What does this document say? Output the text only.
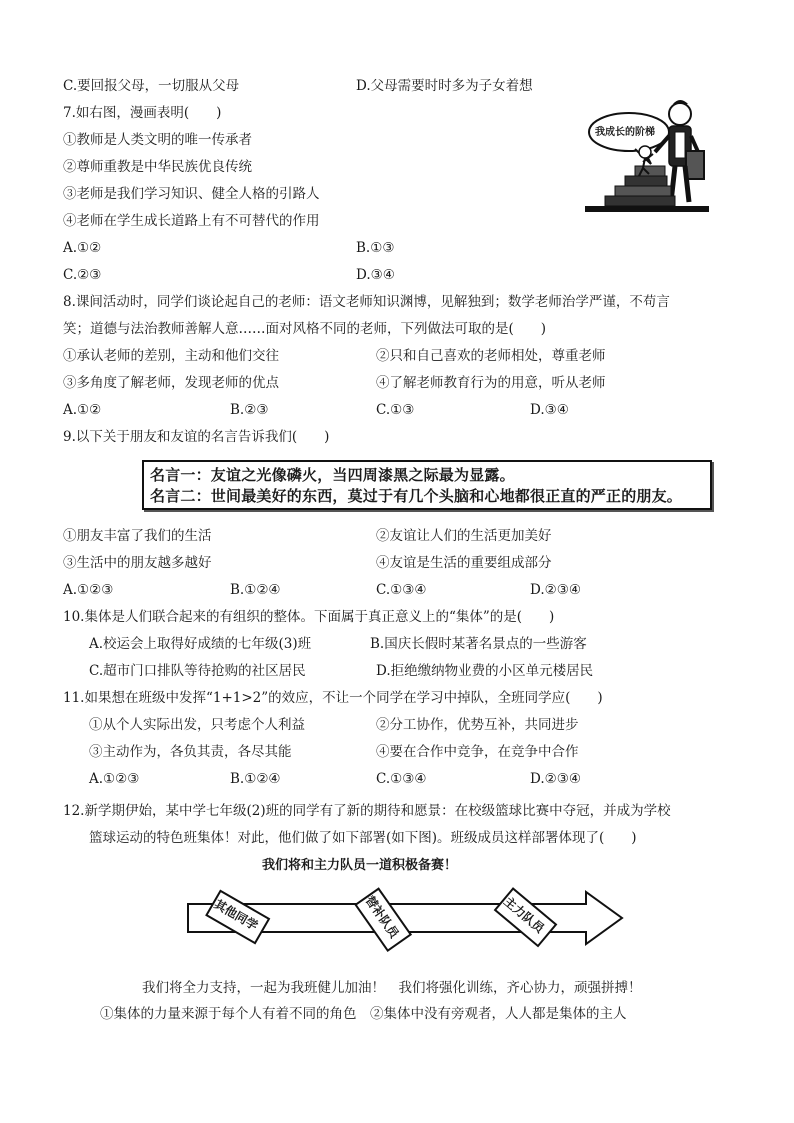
C.要回报父母，一切服从父母	D.父母需要时时多为子女着想
7.如右图，漫画表明(　　)
①教师是人类文明的唯一传承者
②尊师重教是中华民族优良传统
③老师是我们学习知识、健全人格的引路人
④老师在学生成长道路上有不可替代的作用
A.①②	B.①③
C.②③	D.③④
我成长的阶梯
8.课间活动时，同学们谈论起自己的老师：语文老师知识渊博，见解独到；数学老师治学严谨，不苟言
笑；道德与法治教师善解人意……面对风格不同的老师，下列做法可取的是(　　)
①承认老师的差别，主动和他们交往	②只和自己喜欢的老师相处，尊重老师
③多角度了解老师，发现老师的优点	④了解老师教育行为的用意，听从老师
A.①②	B.②③	C.①③	D.③④
9.以下关于朋友和友谊的名言告诉我们(　　)
名言一：友谊之光像磷火，当四周漆黑之际最为显露。
名言二：世间最美好的东西，莫过于有几个头脑和心地都很正直的严正的朋友。
①朋友丰富了我们的生活	②友谊让人们的生活更加美好
③生活中的朋友越多越好	④友谊是生活的重要组成部分
A.①②③	B.①②④	C.①③④	D.②③④
10.集体是人们联合起来的有组织的整体。下面属于真正意义上的“集体”的是(　　)
A.校运会上取得好成绩的七年级(3)班	B.国庆长假时某著名景点的一些游客
C.超市门口排队等待抢购的社区居民	D.拒绝缴纳物业费的小区单元楼居民
11.如果想在班级中发挥“1+1>2”的效应，不让一个同学在学习中掉队，全班同学应(　　)
①从个人实际出发，只考虑个人利益	②分工协作，优势互补，共同进步
③主动作为，各负其责，各尽其能	④要在合作中竞争，在竞争中合作
A.①②③	B.①②④	C.①③④	D.②③④
12.新学期伊始，某中学七年级(2)班的同学有了新的期待和愿景：在校级篮球比赛中夺冠，并成为学校
篮球运动的特色班集体！对此，他们做了如下部署(如下图)。班级成员这样部署体现了(　　)
我们将和主力队员一道积极备赛！
其他同学	替补队员	主力队员
我们将全力支持，一起为我班健儿加油！　我们将强化训练，齐心协力，顽强拼搏！
①集体的力量来源于每个人有着不同的角色　②集体中没有旁观者，人人都是集体的主人
